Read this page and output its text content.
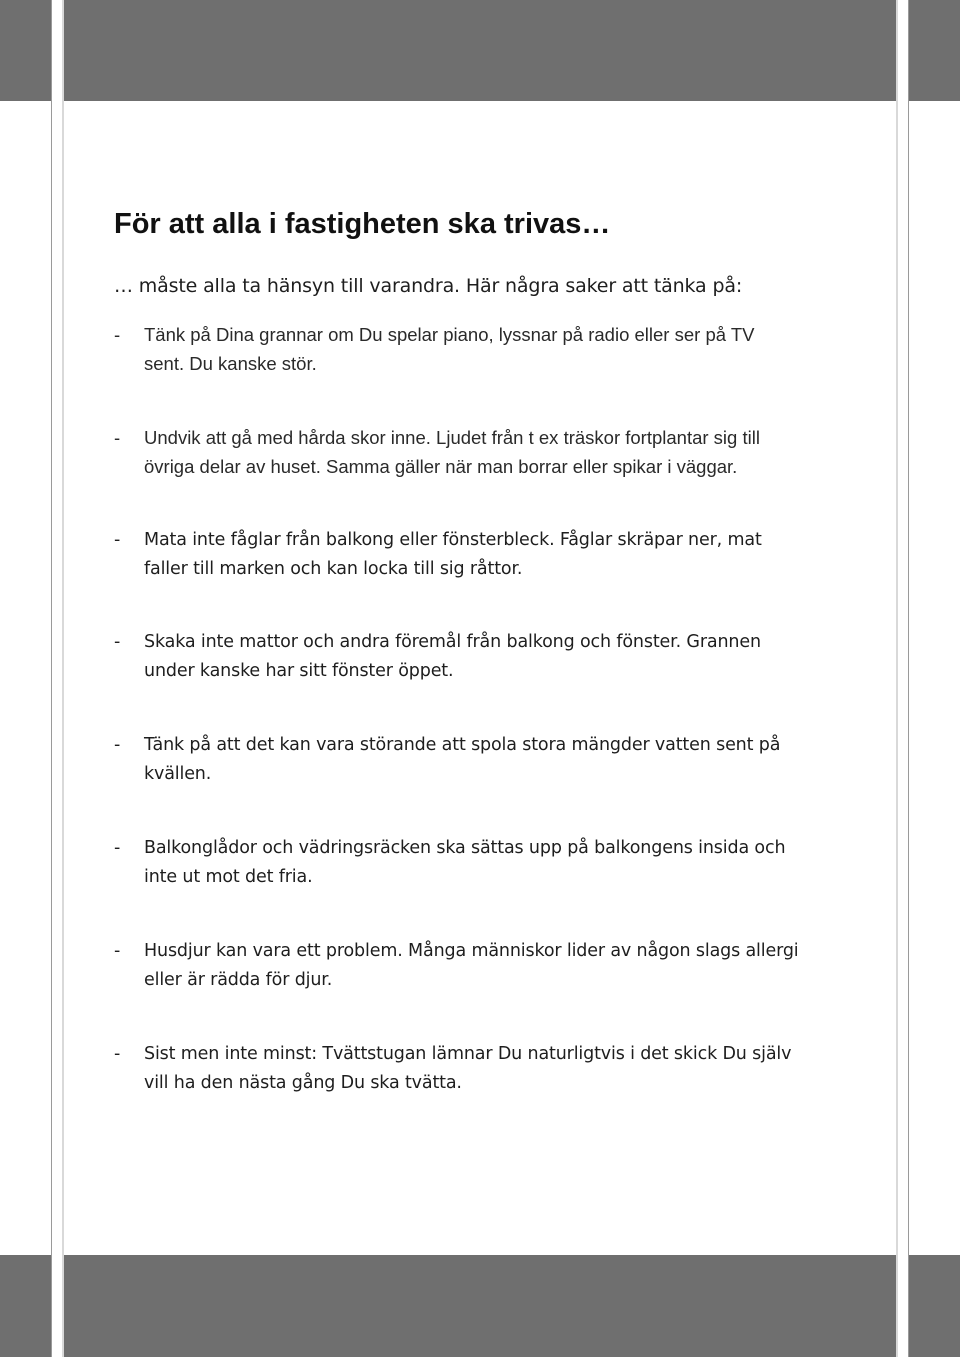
För att alla i fastigheten ska trivas…

… måste alla ta hänsyn till varandra. Här några saker att tänka på:

- Tänk på Dina grannar om Du spelar piano, lyssnar på radio eller ser på TV
sent. Du kanske stör.
- Undvik att gå med hårda skor inne. Ljudet från t ex träskor fortplantar sig till
övriga delar av huset. Samma gäller när man borrar eller spikar i väggar.
- Mata inte fåglar från balkong eller fönsterbleck. Fåglar skräpar ner, mat
faller till marken och kan locka till sig råttor.
- Skaka inte mattor och andra föremål från balkong och fönster. Grannen
under kanske har sitt fönster öppet.
- Tänk på att det kan vara störande att spola stora mängder vatten sent på
kvällen.
- Balkonglådor och vädringsräcken ska sättas upp på balkongens insida och
inte ut mot det fria.
- Husdjur kan vara ett problem. Många människor lider av någon slags allergi
eller är rädda för djur.
- Sist men inte minst: Tvättstugan lämnar Du naturligtvis i det skick Du själv
vill ha den nästa gång Du ska tvätta.
